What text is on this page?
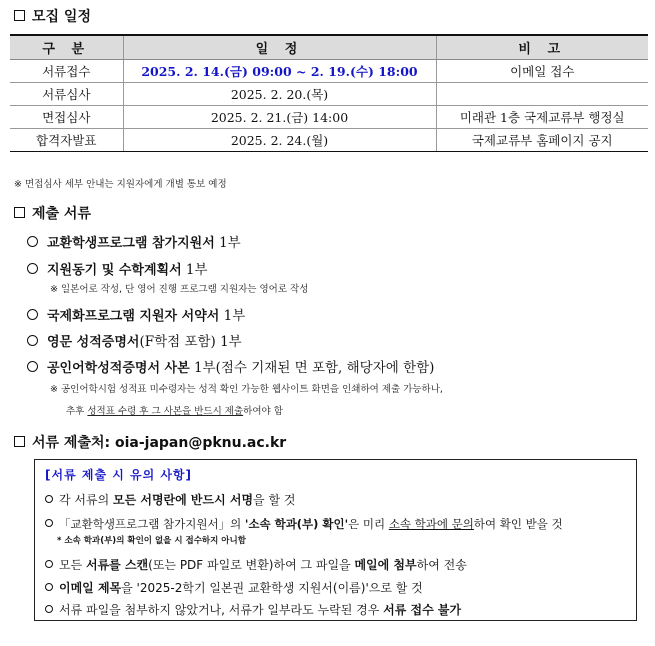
모집 일정
구 분	일 정	비 고
서류접수	2025. 2. 14.(금) 09:00 ~ 2. 19.(수) 18:00	이메일 접수
서류심사	2025. 2. 20.(목)	
면접심사	2025. 2. 21.(금) 14:00	미래관 1층 국제교류부 행정실
합격자발표	2025. 2. 24.(월)	국제교류부 홈페이지 공지
※ 면접심사 세부 안내는 지원자에게 개별 통보 예정
제출 서류
교환학생프로그램 참가지원서 1부
지원동기 및 수학계획서 1부
※ 일본어로 작성, 단 영어 진행 프로그램 지원자는 영어로 작성
국제화프로그램 지원자 서약서 1부
영문 성적증명서(F학점 포함) 1부
공인어학성적증명서 사본 1부(점수 기재된 면 포함, 해당자에 한함)
※ 공인어학시험 성적표 미수령자는 성적 확인 가능한 웹사이트 화면을 인쇄하여 제출 가능하나,
추후 성적표 수령 후 그 사본을 반드시 제출하여야 함
서류 제출처: oia-japan@pknu.ac.kr
[서류 제출 시 유의 사항]
각 서류의 모든 서명란에 반드시 서명을 할 것
「교환학생프로그램 참가지원서」의 '소속 학과(부) 확인'은 미리 소속 학과에 문의하여 확인 받을 것
* 소속 학과(부)의 확인이 없을 시 접수하지 아니함
모든 서류를 스캔(또는 PDF 파일로 변환)하여 그 파일을 메일에 첨부하여 전송
이메일 제목을 '2025-2학기 일본권 교환학생 지원서(이름)'으로 할 것
서류 파일을 첨부하지 않았거나, 서류가 일부라도 누락된 경우 서류 접수 불가
